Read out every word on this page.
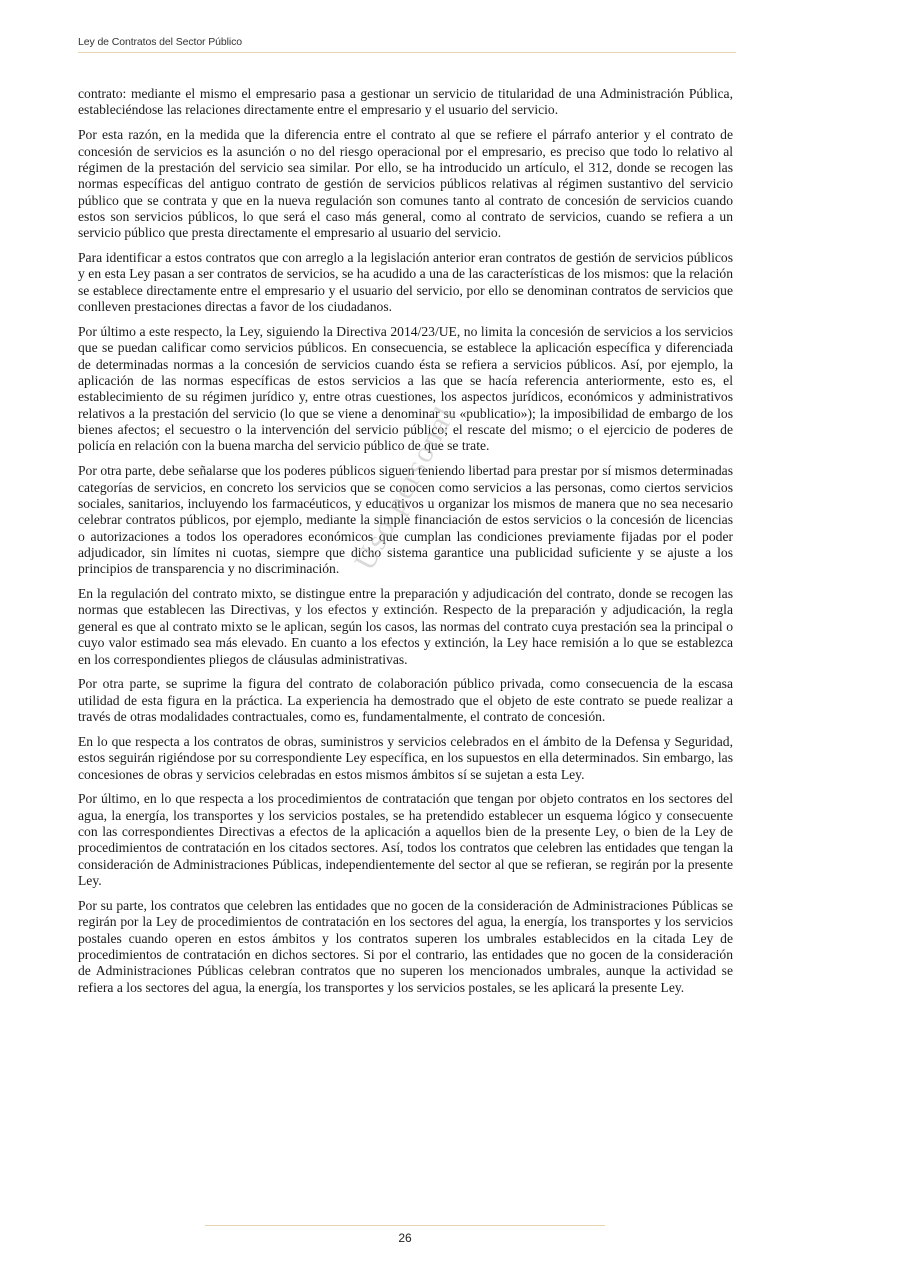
Ley de Contratos del Sector Público

contrato: mediante el mismo el empresario pasa a gestionar un servicio de titularidad de una Administración Pública, estableciéndose las relaciones directamente entre el empresario y el usuario del servicio.

Por esta razón, en la medida que la diferencia entre el contrato al que se refiere el párrafo anterior y el contrato de concesión de servicios es la asunción o no del riesgo operacional por el empresario, es preciso que todo lo relativo al régimen de la prestación del servicio sea similar. Por ello, se ha introducido un artículo, el 312, donde se recogen las normas específicas del antiguo contrato de gestión de servicios públicos relativas al régimen sustantivo del servicio público que se contrata y que en la nueva regulación son comunes tanto al contrato de concesión de servicios cuando estos son servicios públicos, lo que será el caso más general, como al contrato de servicios, cuando se refiera a un servicio público que presta directamente el empresario al usuario del servicio.

Para identificar a estos contratos que con arreglo a la legislación anterior eran contratos de gestión de servicios públicos y en esta Ley pasan a ser contratos de servicios, se ha acudido a una de las características de los mismos: que la relación se establece directamente entre el empresario y el usuario del servicio, por ello se denominan contratos de servicios que conlleven prestaciones directas a favor de los ciudadanos.

Por último a este respecto, la Ley, siguiendo la Directiva 2014/23/UE, no limita la concesión de servicios a los servicios que se puedan calificar como servicios públicos. En consecuencia, se establece la aplicación específica y diferenciada de determinadas normas a la concesión de servicios cuando ésta se refiera a servicios públicos. Así, por ejemplo, la aplicación de las normas específicas de estos servicios a las que se hacía referencia anteriormente, esto es, el establecimiento de su régimen jurídico y, entre otras cuestiones, los aspectos jurídicos, económicos y administrativos relativos a la prestación del servicio (lo que se viene a denominar su «publicatio»); la imposibilidad de embargo de los bienes afectos; el secuestro o la intervención del servicio público; el rescate del mismo; o el ejercicio de poderes de policía en relación con la buena marcha del servicio público de que se trate.

Por otra parte, debe señalarse que los poderes públicos siguen teniendo libertad para prestar por sí mismos determinadas categorías de servicios, en concreto los servicios que se conocen como servicios a las personas, como ciertos servicios sociales, sanitarios, incluyendo los farmacéuticos, y educativos u organizar los mismos de manera que no sea necesario celebrar contratos públicos, por ejemplo, mediante la simple financiación de estos servicios o la concesión de licencias o autorizaciones a todos los operadores económicos que cumplan las condiciones previamente fijadas por el poder adjudicador, sin límites ni cuotas, siempre que dicho sistema garantice una publicidad suficiente y se ajuste a los principios de transparencia y no discriminación.

En la regulación del contrato mixto, se distingue entre la preparación y adjudicación del contrato, donde se recogen las normas que establecen las Directivas, y los efectos y extinción. Respecto de la preparación y adjudicación, la regla general es que al contrato mixto se le aplican, según los casos, las normas del contrato cuya prestación sea la principal o cuyo valor estimado sea más elevado. En cuanto a los efectos y extinción, la Ley hace remisión a lo que se establezca en los correspondientes pliegos de cláusulas administrativas.

Por otra parte, se suprime la figura del contrato de colaboración público privada, como consecuencia de la escasa utilidad de esta figura en la práctica. La experiencia ha demostrado que el objeto de este contrato se puede realizar a través de otras modalidades contractuales, como es, fundamentalmente, el contrato de concesión.

En lo que respecta a los contratos de obras, suministros y servicios celebrados en el ámbito de la Defensa y Seguridad, estos seguirán rigiéndose por su correspondiente Ley específica, en los supuestos en ella determinados. Sin embargo, las concesiones de obras y servicios celebradas en estos mismos ámbitos sí se sujetan a esta Ley.

Por último, en lo que respecta a los procedimientos de contratación que tengan por objeto contratos en los sectores del agua, la energía, los transportes y los servicios postales, se ha pretendido establecer un esquema lógico y consecuente con las correspondientes Directivas a efectos de la aplicación a aquellos bien de la presente Ley, o bien de la Ley de procedimientos de contratación en los citados sectores. Así, todos los contratos que celebren las entidades que tengan la consideración de Administraciones Públicas, independientemente del sector al que se refieran, se regirán por la presente Ley.

Por su parte, los contratos que celebren las entidades que no gocen de la consideración de Administraciones Públicas se regirán por la Ley de procedimientos de contratación en los sectores del agua, la energía, los transportes y los servicios postales cuando operen en estos ámbitos y los contratos superen los umbrales establecidos en la citada Ley de procedimientos de contratación en dichos sectores. Si por el contrario, las entidades que no gocen de la consideración de Administraciones Públicas celebran contratos que no superen los mencionados umbrales, aunque la actividad se refiera a los sectores del agua, la energía, los transportes y los servicios postales, se les aplicará la presente Ley.

Uso personal
26
